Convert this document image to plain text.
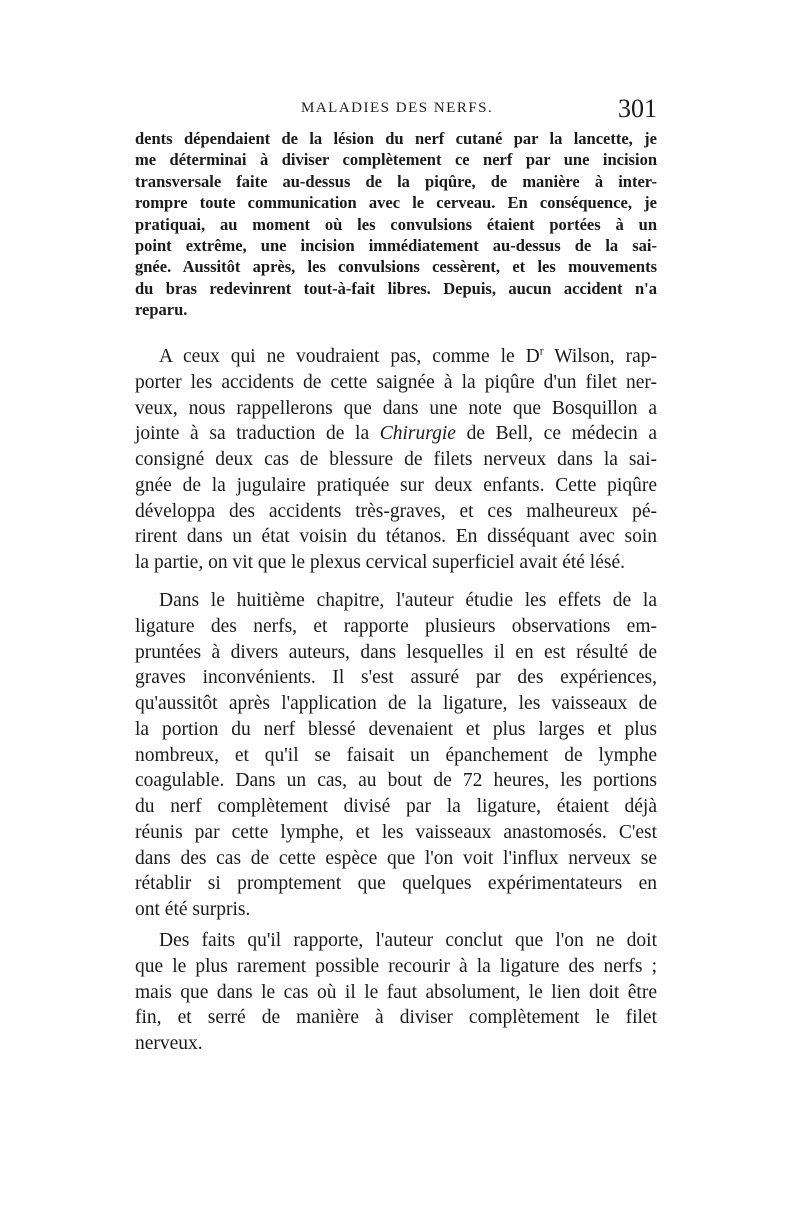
MALADIES DES NERFS.	301
dents dépendaient de la lésion du nerf cutané par la lancette, je
me déterminai à diviser complètement ce nerf par une incision
transversale faite au-dessus de la piqûre, de manière à inter-
rompre toute communication avec le cerveau. En conséquence, je
pratiquai, au moment où les convulsions étaient portées à un
point extrême, une incision immédiatement au-dessus de la sai-
gnée. Aussitôt après, les convulsions cessèrent, et les mouvements
du bras redevinrent tout-à-fait libres. Depuis, aucun accident n'a
reparu.
A ceux qui ne voudraient pas, comme le $D^r$ Wilson, rap-
porter les accidents de cette saignée à la piqûre d'un filet ner-
veux, nous rappellerons que dans une note que Bosquillon a
jointe à sa traduction de la Chirurgie de Bell, ce médecin a
consigné deux cas de blessure de filets nerveux dans la sai-
gnée de la jugulaire pratiquée sur deux enfants. Cette piqûre
développa des accidents très-graves, et ces malheureux pé-
rirent dans un état voisin du tétanos. En disséquant avec soin
la partie, on vit que le plexus cervical superficiel avait été lésé.
Dans le huitième chapitre, l'auteur étudie les effets de la
ligature des nerfs, et rapporte plusieurs observations em-
pruntées à divers auteurs, dans lesquelles il en est résulté de
graves inconvénients. Il s'est assuré par des expériences,
qu'aussitôt après l'application de la ligature, les vaisseaux de
la portion du nerf blessé devenaient et plus larges et plus
nombreux, et qu'il se faisait un épanchement de lymphe
coagulable. Dans un cas, au bout de 72 heures, les portions
du nerf complètement divisé par la ligature, étaient déjà
réunis par cette lymphe, et les vaisseaux anastomosés. C'est
dans des cas de cette espèce que l'on voit l'influx nerveux se
rétablir si promptement que quelques expérimentateurs en
ont été surpris.
Des faits qu'il rapporte, l'auteur conclut que l'on ne doit
que le plus rarement possible recourir à la ligature des nerfs ;
mais que dans le cas où il le faut absolument, le lien doit être
fin, et serré de manière à diviser complètement le filet
nerveux.
